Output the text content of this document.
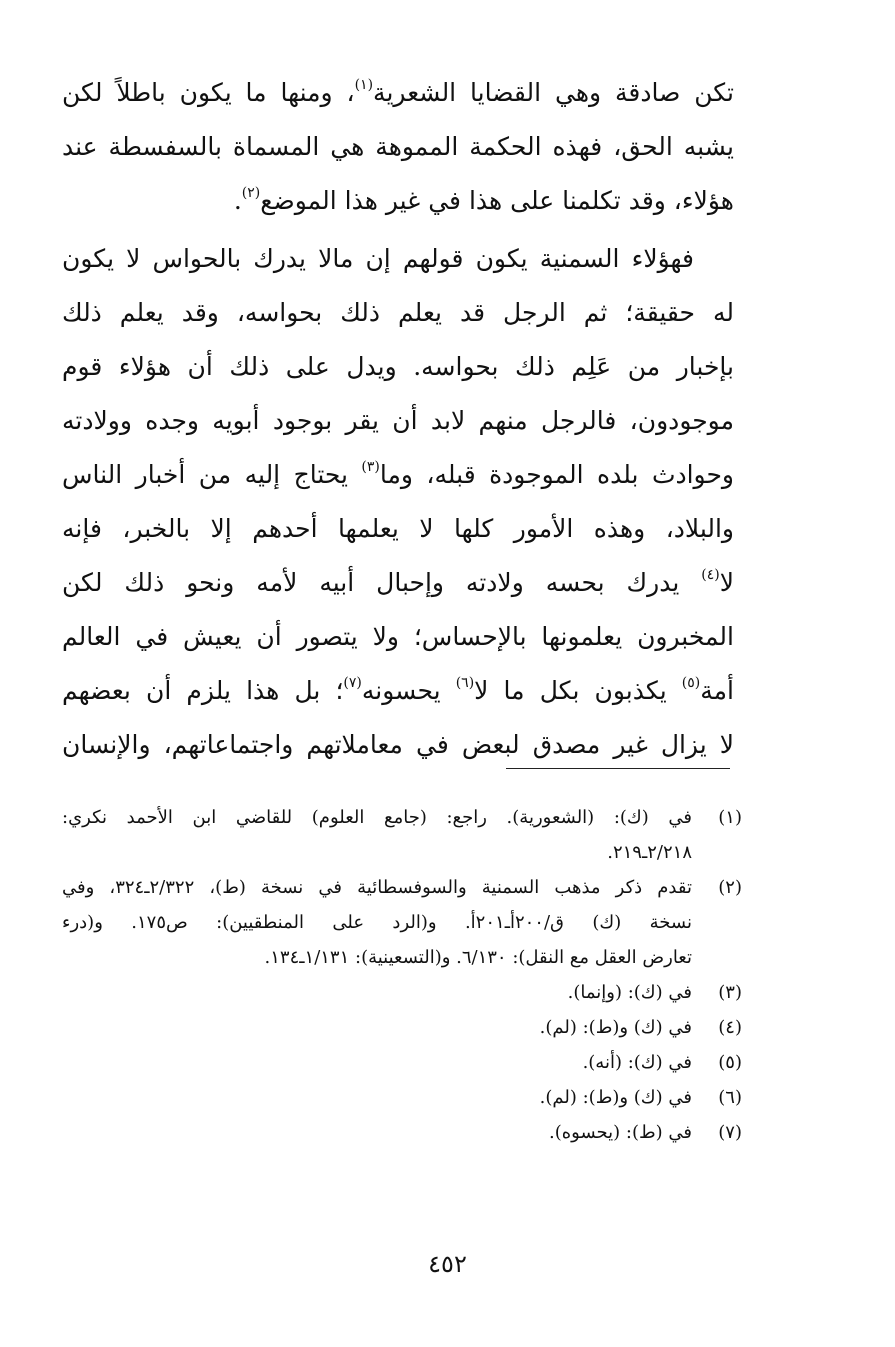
تكن صادقة وهي القضايا الشعرية$^{(١)}$، ومنها ما يكون باطلاً لكن
يشبه الحق، فهذه الحكمة المموهة هي المسماة بالسفسطة عند
هؤلاء، وقد تكلمنا على هذا في غير هذا الموضع$^{(٢)}$.

فهؤلاء السمنية يكون قولهم إن مالا يدرك بالحواس لا يكون
له حقيقة؛ ثم الرجل قد يعلم ذلك بحواسه، وقد يعلم ذلك
بإخبار من عَلِم ذلك بحواسه. ويدل على ذلك أن هؤلاء قوم
موجودون، فالرجل منهم لابد أن يقر بوجود أبويه وجده وولادته
وحوادث بلده الموجودة قبله، وما$^{(٣)}$ يحتاج إليه من أخبار الناس
والبلاد، وهذه الأمور كلها لا يعلمها أحدهم إلا بالخبر، فإنه
لا$^{(٤)}$ يدرك بحسه ولادته وإحبال أبيه لأمه ونحو ذلك لكن
المخبرون يعلمونها بالإحساس؛ ولا يتصور أن يعيش في العالم
أمة$^{(٥)}$ يكذبون بكل ما لا$^{(٦)}$ يحسونه$^{(٧)}$؛ بل هذا يلزم أن بعضهم
لا يزال غير مصدق لبعض في معاملاتهم واجتماعاتهم، والإنسان

(١)
في (ك): (الشعورية). راجع: (جامع العلوم) للقاضي ابن الأحمد نكري:
٢/٢١٨ـ٢١٩.
(٢)
تقدم ذكر مذهب السمنية والسوفسطائية في نسخة (ط)، ٢/٣٢٢ـ٣٢٤، وفي
نسخة (ك) ق/٢٠٠أـ٢٠١أ. و(الرد على المنطقيين): ص١٧٥. و(درء
تعارض العقل مع النقل): ٦/١٣٠. و(التسعينية): ١/١٣١ـ١٣٤.
(٣)
في (ك): (وإنما).
(٤)
في (ك) و(ط): (لم).
(٥)
في (ك): (أنه).
(٦)
في (ك) و(ط): (لم).
(٧)
في (ط): (يحسوه).
٤٥٢
